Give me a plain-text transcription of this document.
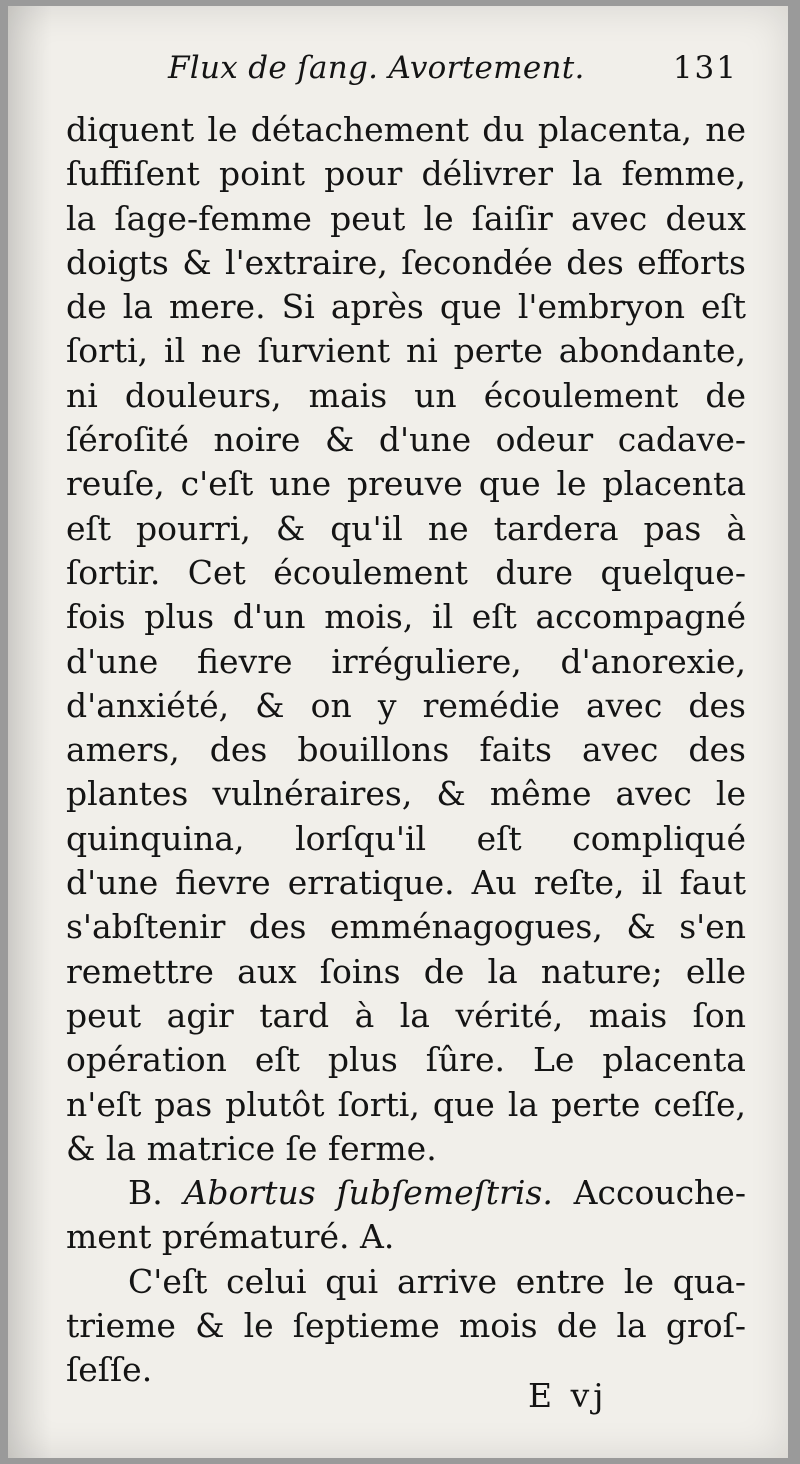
Flux de ſang. Avortement.	131
diquent le détachement du placenta, ne
ſuffiſent point pour délivrer la femme,
la ſage-femme peut le ſaiſir avec deux
doigts & l'extraire, ſecondée des efforts
de la mere. Si après que l'embryon eſt
ſorti, il ne ſurvient ni perte abondante,
ni douleurs, mais un écoulement de
ſéroſité noire & d'une odeur cadave-
reuſe, c'eſt une preuve que le placenta
eſt pourri, & qu'il ne tardera pas à
ſortir. Cet écoulement dure quelque-
fois plus d'un mois, il eſt accompagné
d'une fievre irréguliere, d'anorexie,
d'anxiété, & on y remédie avec des
amers, des bouillons faits avec des
plantes vulnéraires, & même avec le
quinquina, lorſqu'il eſt compliqué
d'une fievre erratique. Au reſte, il faut
s'abſtenir des emménagogues, & s'en
remettre aux ſoins de la nature; elle
peut agir tard à la vérité, mais ſon
opération eſt plus ſûre. Le placenta
n'eſt pas plutôt ſorti, que la perte ceſſe,
& la matrice ſe ferme.
B. Abortus ſubſemeſtris. Accouche-
ment prématuré. A.
C'eſt celui qui arrive entre le qua-
trieme & le ſeptieme mois de la groſ-
ſeſſe.
E vj
